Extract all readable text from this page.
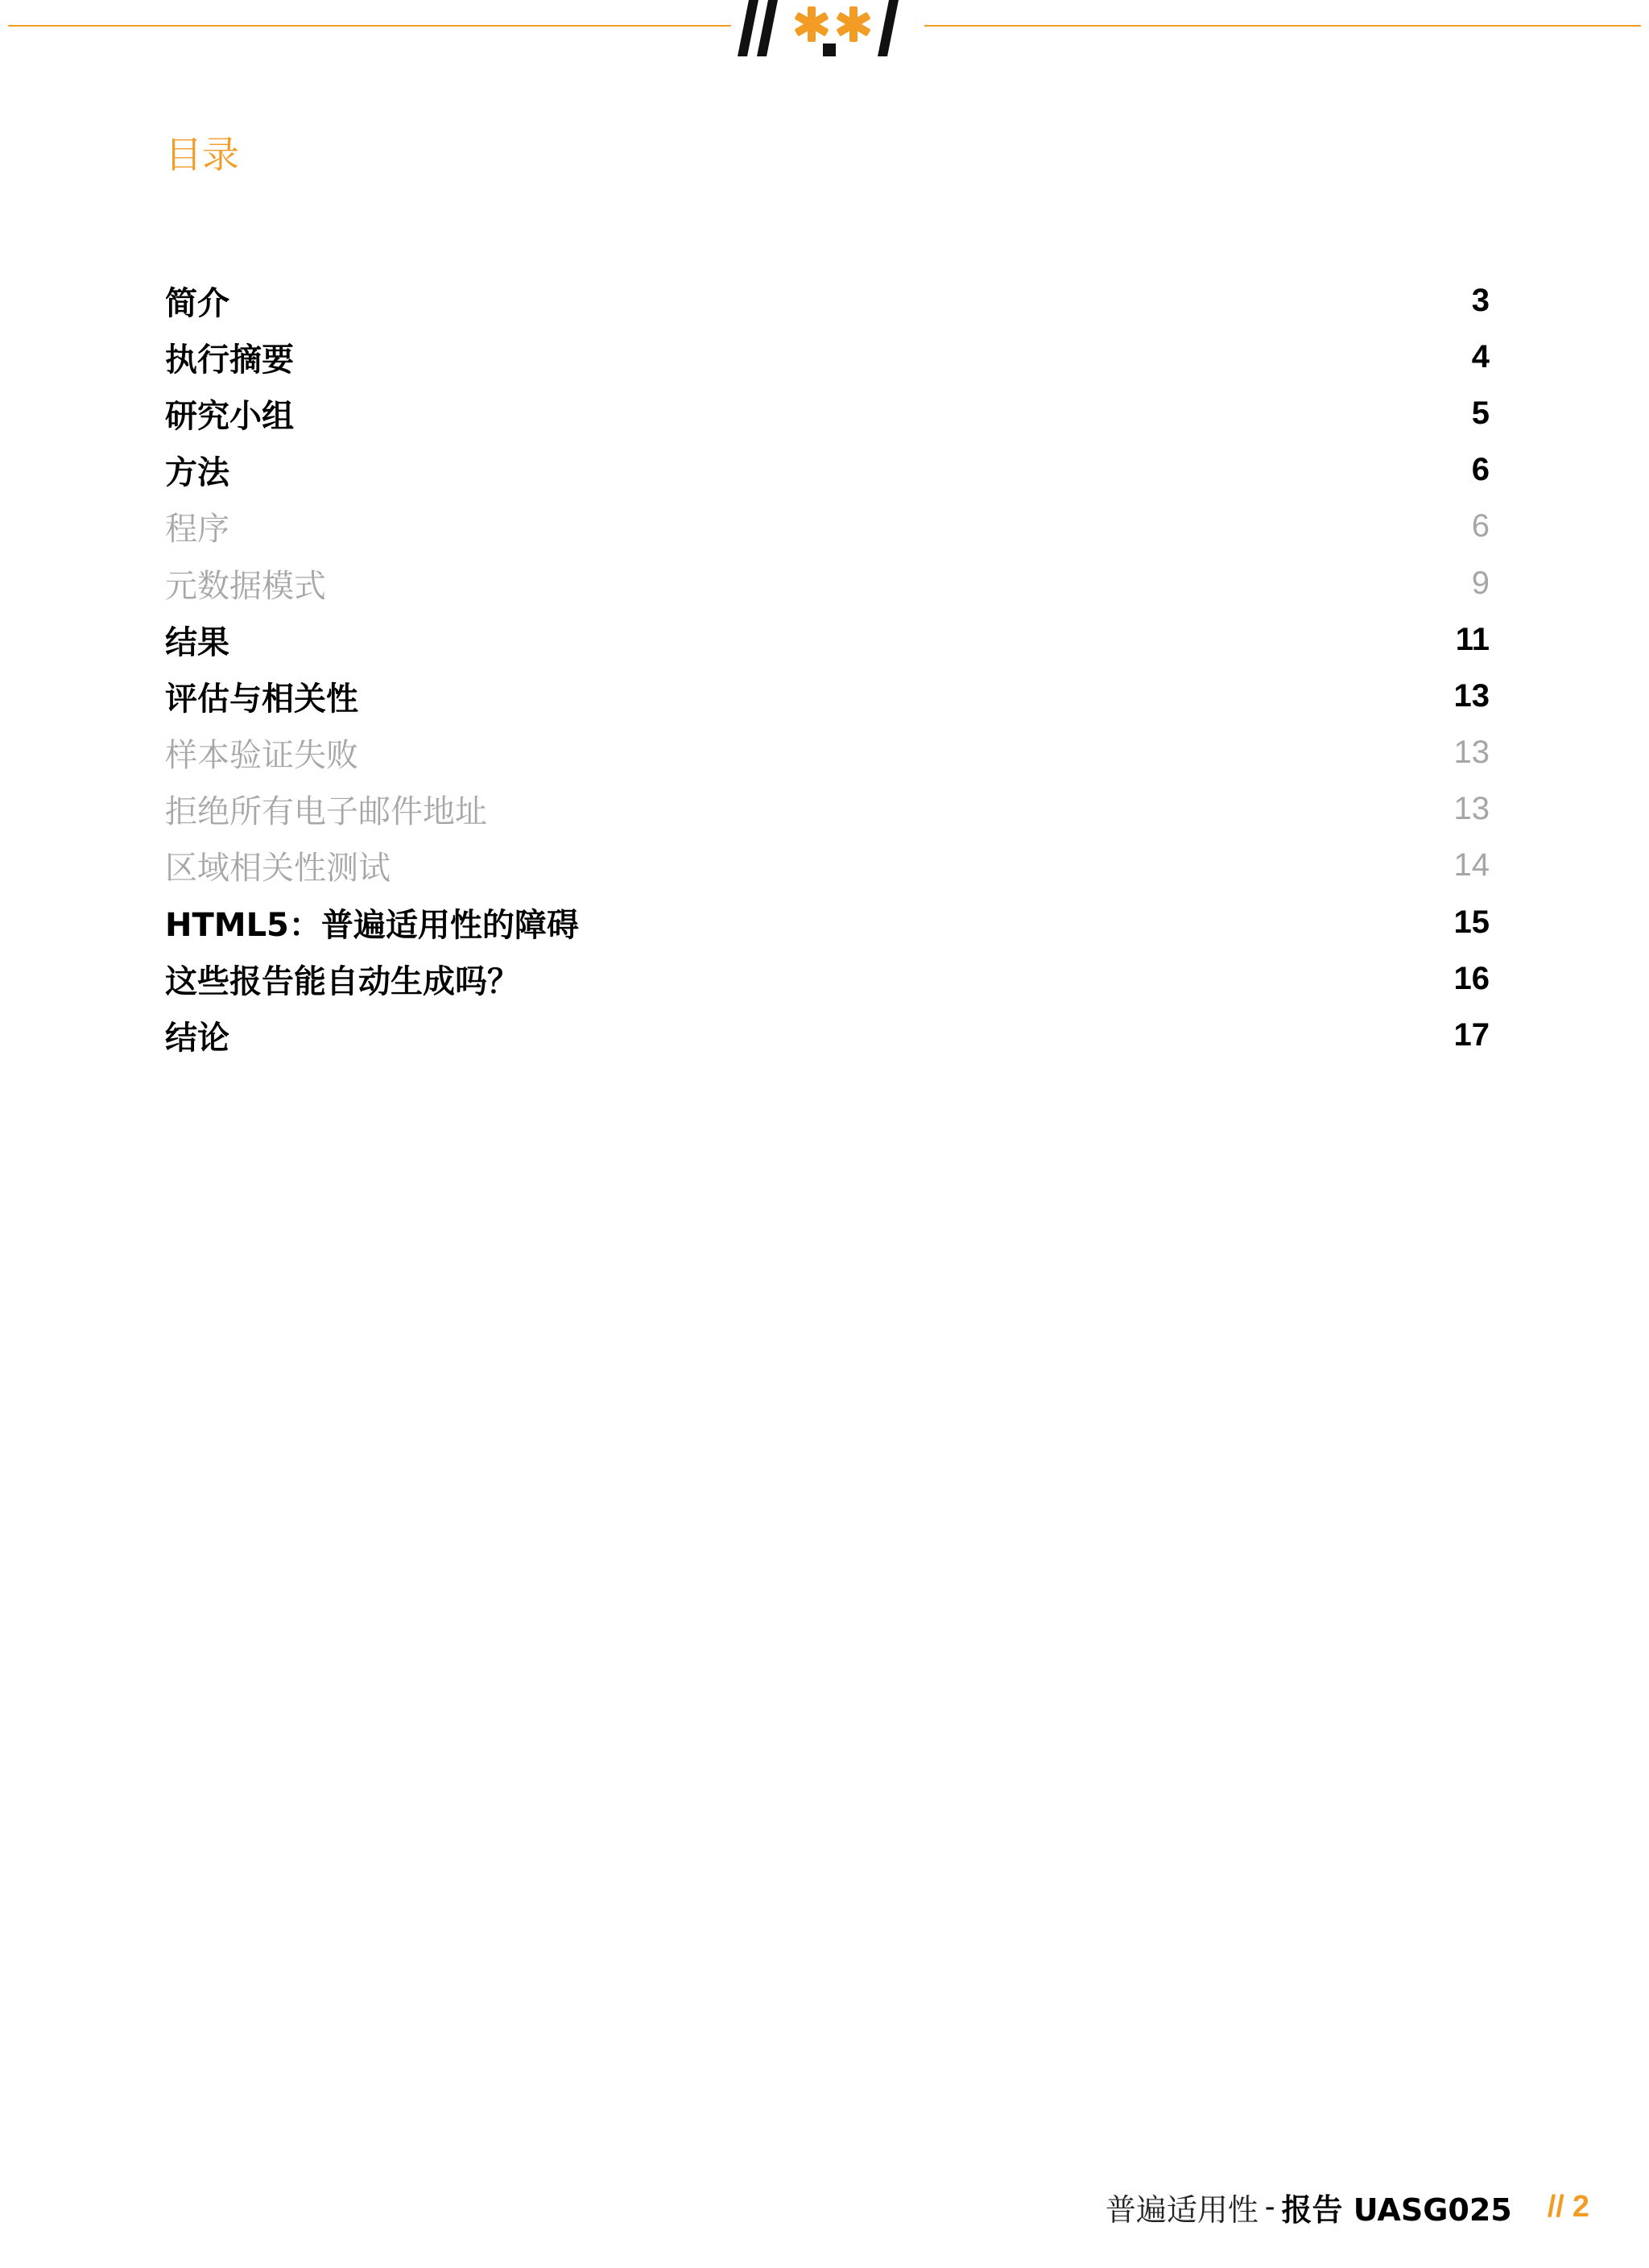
目录
简介	3
执行摘要	4
研究小组	5
方法	6
程序	6
元数据模式	9
结果	11
评估与相关性	13
样本验证失败	13
拒绝所有电子邮件地址	13
区域相关性测试	14
HTML5：普遍适用性的障碍	15
这些报告能自动生成吗？	16
结论	17
普遍适用性 - 报告 UASG025 // 2
